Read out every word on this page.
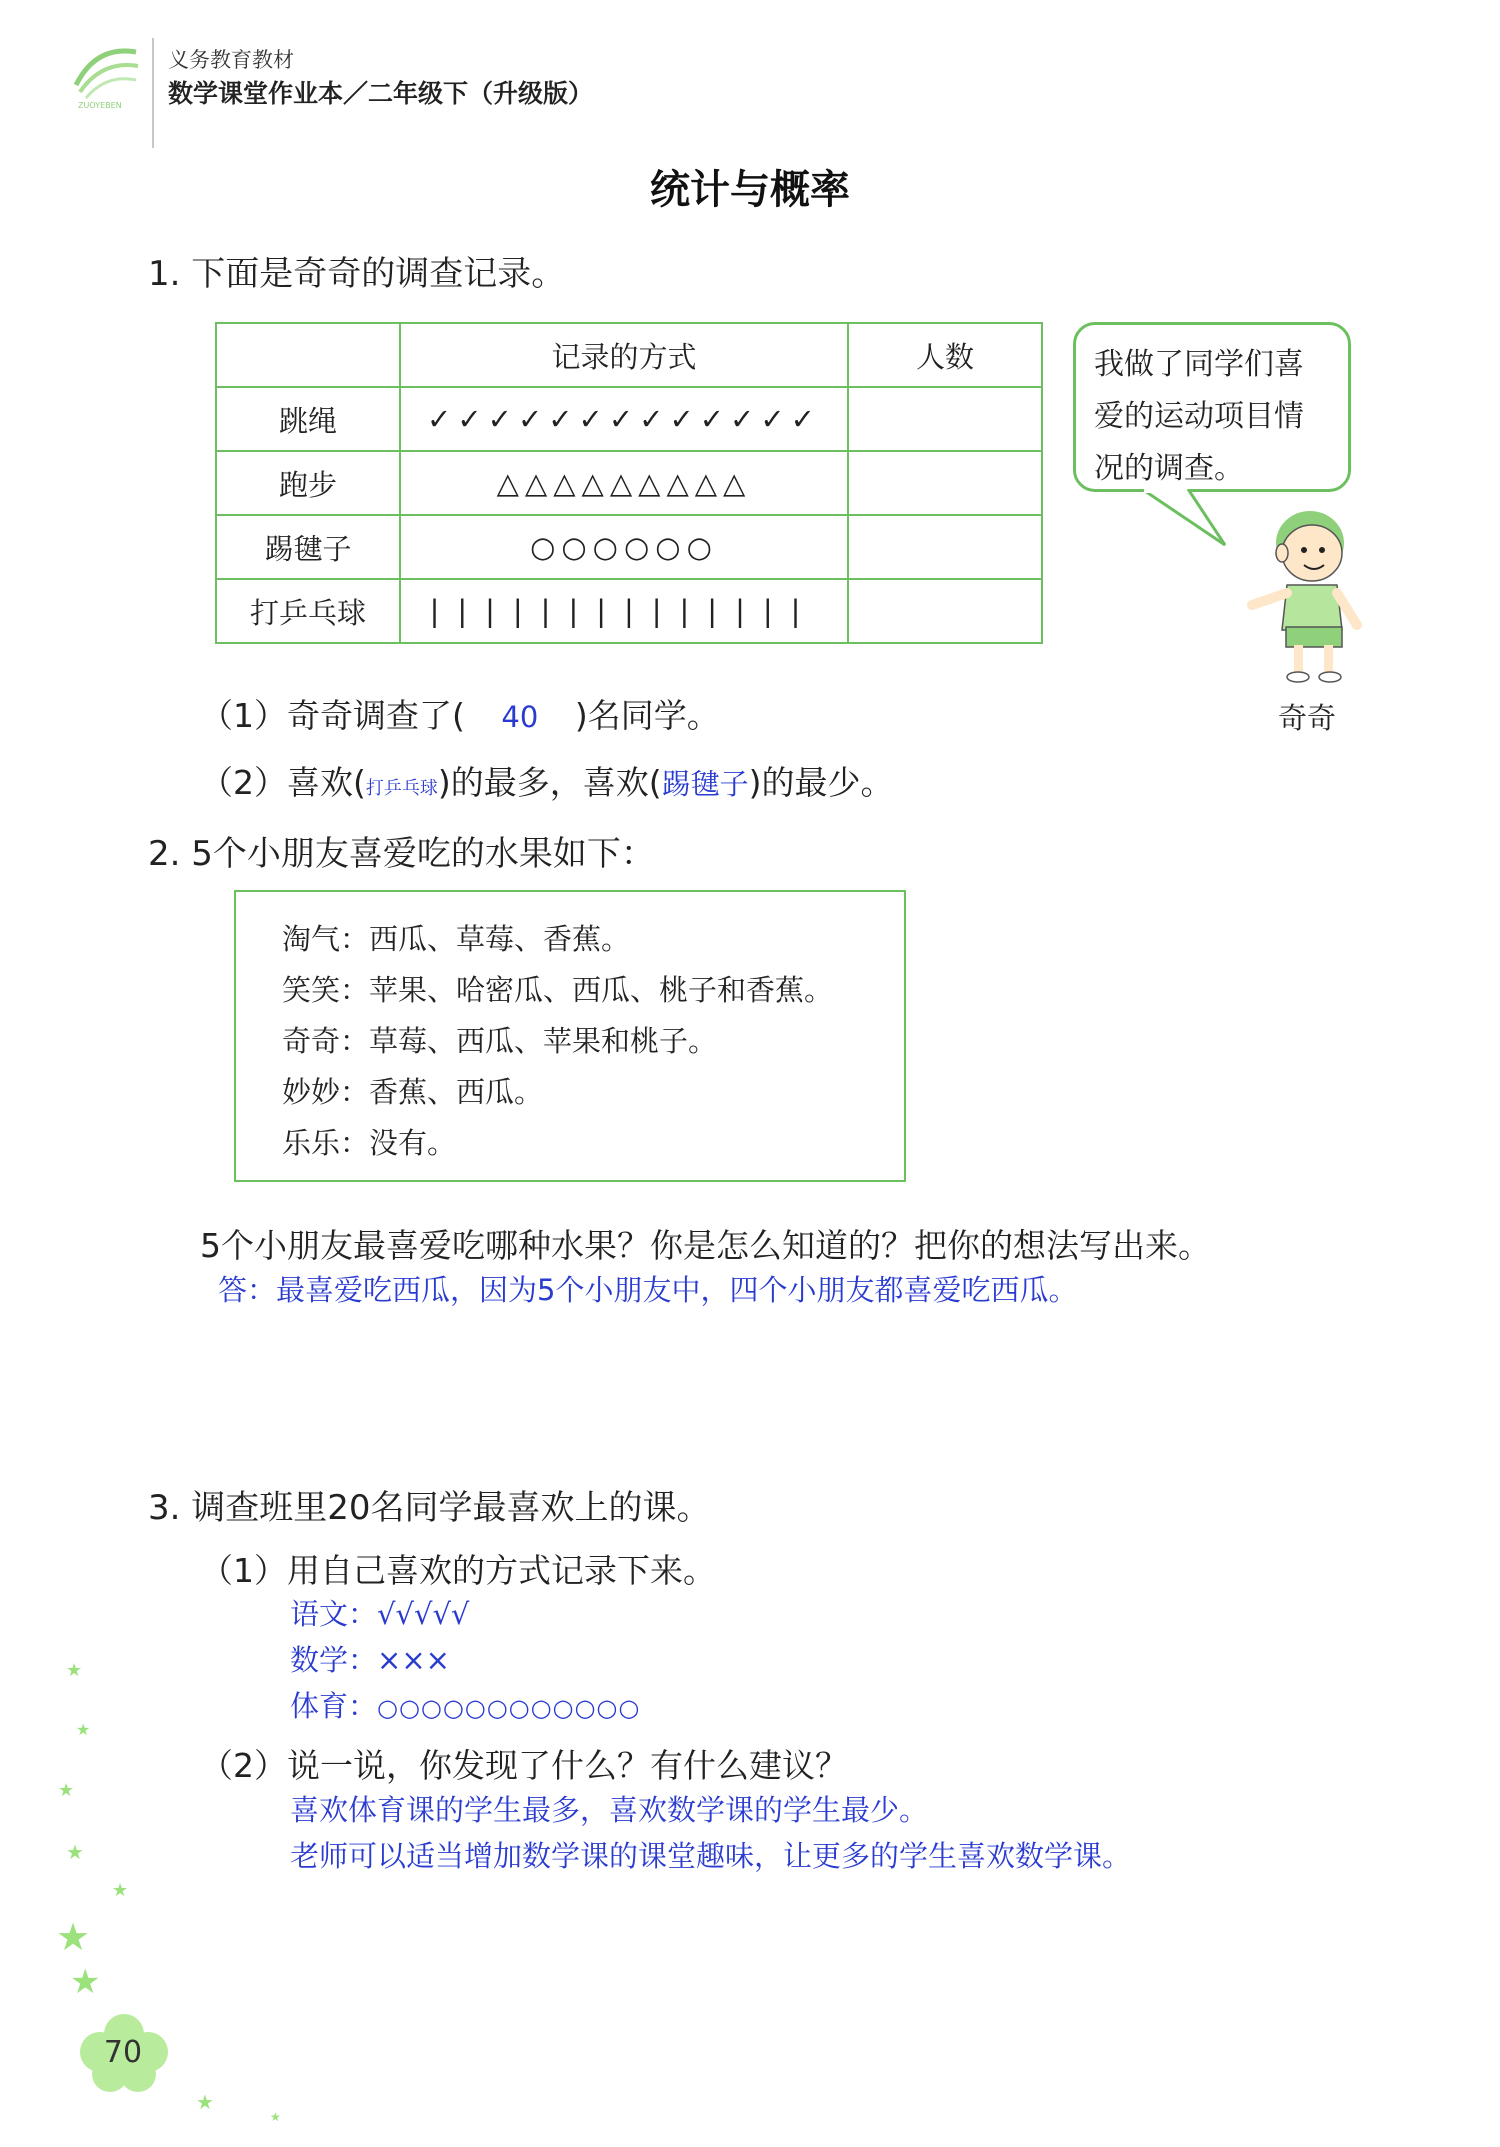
ZUOYEBEN
义务教育教材
数学课堂作业本／二年级下（升级版）
统计与概率
1. 下面是奇奇的调查记录。
	记录的方式	人数
跳绳	✓✓✓✓✓✓✓✓✓✓✓✓✓	
跑步	△△△△△△△△△	
踢毽子	○○○○○○	
打乒乓球	||||||||||||||	
我做了同学们喜
爱的运动项目情
况的调查。
奇奇
（1）奇奇调查了( 40 )名同学。
（2）喜欢(打乒乓球)的最多，喜欢(踢毽子)的最少。
2. 5个小朋友喜爱吃的水果如下：
淘气：西瓜、草莓、香蕉。
笑笑：苹果、哈密瓜、西瓜、桃子和香蕉。
奇奇：草莓、西瓜、苹果和桃子。
妙妙：香蕉、西瓜。
乐乐：没有。
5个小朋友最喜爱吃哪种水果？你是怎么知道的？把你的想法写出来。
答：最喜爱吃西瓜，因为5个小朋友中，四个小朋友都喜爱吃西瓜。
3. 调查班里20名同学最喜欢上的课。
（1）用自己喜欢的方式记录下来。
语文：√√√√√
数学：×××
体育：○○○○○○○○○○○○
（2）说一说，你发现了什么？有什么建议？
喜欢体育课的学生最多，喜欢数学课的学生最少。
老师可以适当增加数学课的课堂趣味，让更多的学生喜欢数学课。
★
★
★
★
★
★
★
★
★
70
